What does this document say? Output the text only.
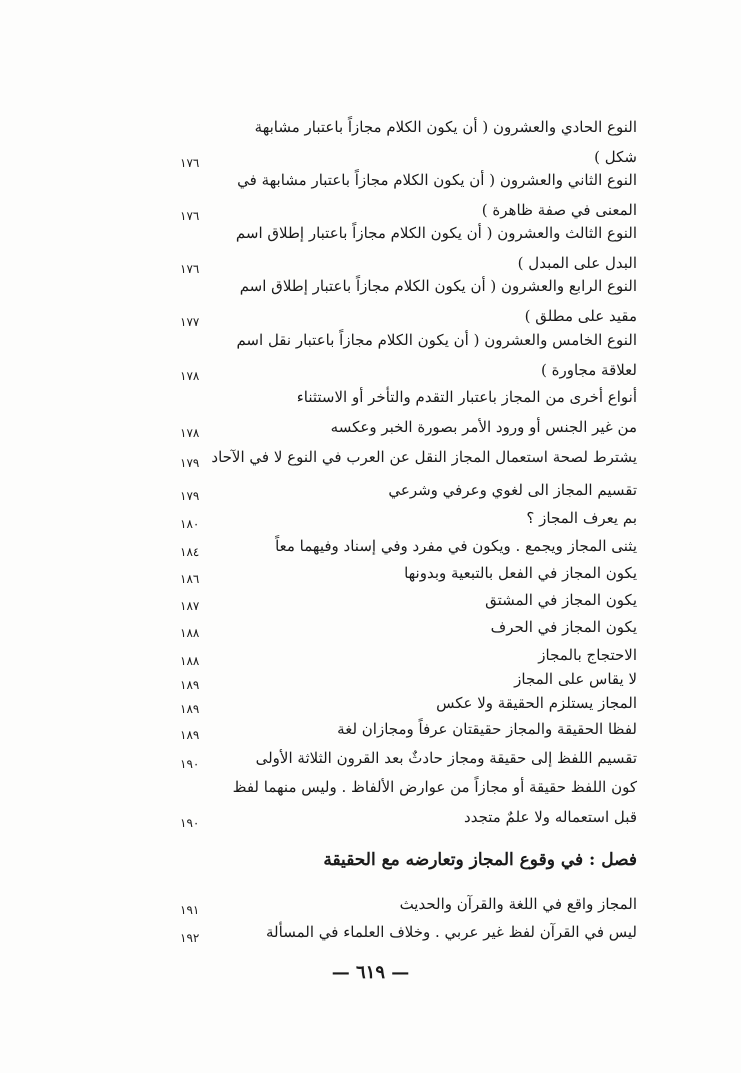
النوع الحادي والعشرون ( أن يكون الكلام مجازاً باعتبار مشابهة
شكل )
١٧٦
النوع الثاني والعشرون ( أن يكون الكلام مجازاً باعتبار مشابهة في
المعنى في صفة ظاهرة )
١٧٦
النوع الثالث والعشرون ( أن يكون الكلام مجازاً باعتبار إطلاق اسم
البدل على المبدل )
١٧٦
النوع الرابع والعشرون ( أن يكون الكلام مجازاً باعتبار إطلاق اسم
مقيد على مطلق )
١٧٧
النوع الخامس والعشرون ( أن يكون الكلام مجازاً باعتبار نقل اسم
لعلاقة مجاورة )
١٧٨
أنواع أخرى من المجاز باعتبار التقدم والتأخر أو الاستثناء
من غير الجنس أو ورود الأمر بصورة الخبر وعكسه
١٧٨
يشترط لصحة استعمال المجاز النقل عن العرب في النوع لا في الآحاد
١٧٩
تقسيم المجاز الى لغوي وعرفي وشرعي
١٧٩
بم يعرف المجاز ؟
١٨٠
يثنى المجاز ويجمع . ويكون في مفرد وفي إسناد وفيهما معاً
١٨٤
يكون المجاز في الفعل بالتبعية وبدونها
١٨٦
يكون المجاز في المشتق
١٨٧
يكون المجاز في الحرف
١٨٨
الاحتجاج بالمجاز
١٨٨
لا يقاس على المجاز
١٨٩
المجاز يستلزم الحقيقة ولا عكس
١٨٩
لفظا الحقيقة والمجاز حقيقتان عرفاً ومجازان لغة
١٨٩
تقسيم اللفظ إلى حقيقة ومجاز حادثٌ بعد القرون الثلاثة الأولى
١٩٠
كون اللفظ حقيقة أو مجازاً من عوارض الألفاظ . وليس منهما لفظ
قبل استعماله ولا علمٌ متجدد
١٩٠
فصل : في وقوع المجاز وتعارضه مع الحقيقة
المجاز واقع في اللغة والقرآن والحديث
١٩١
ليس في القرآن لفظ غير عربي . وخلاف العلماء في المسألة
١٩٢
— ٦١٩ —
